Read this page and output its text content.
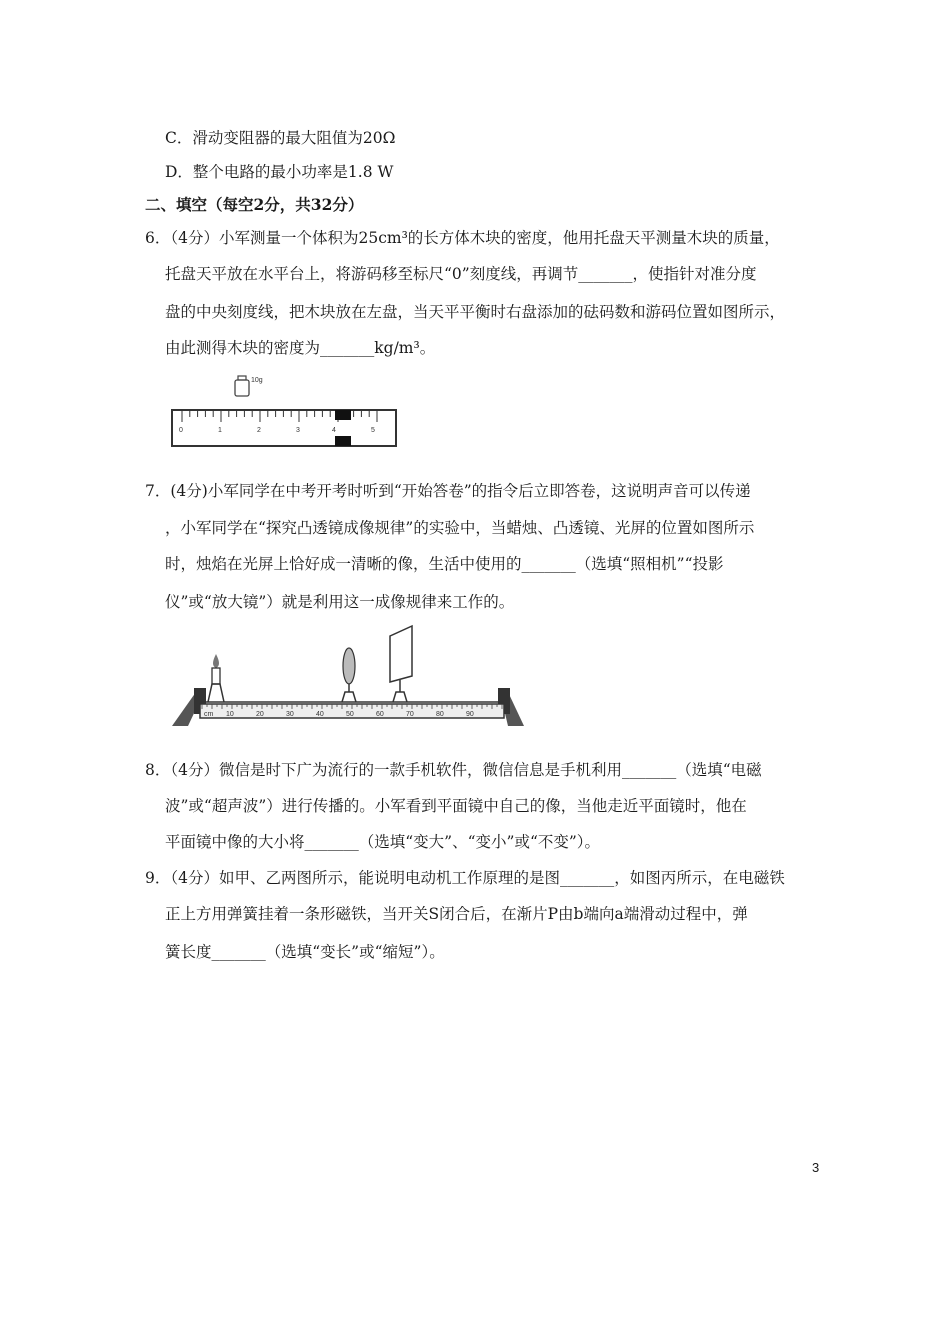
C．滑动变阻器的最大阻值为20Ω
D．整个电路的最小功率是1.8 W
二、填空（每空2分，共32分）
6．（4分）小军测量一个体积为25cm³的长方体木块的密度，他用托盘天平测量木块的质量，
托盘天平放在水平台上，将游码移至标尺“0”刻度线，再调节_______，使指针对准分度
盘的中央刻度线，把木块放在左盘，当天平平衡时右盘添加的砝码数和游码位置如图所示，
由此测得木块的密度为_______kg/m³。
10g
0	1	2	3	4	5
7．(4分)小军同学在中考开考时听到“开始答卷”的指令后立即答卷，这说明声音可以传递
，小军同学在“探究凸透镜成像规律”的实验中，当蜡烛、凸透镜、光屏的位置如图所示
时，烛焰在光屏上恰好成一清晰的像，生活中使用的_______（选填“照相机”“投影
仪”或“放大镜”）就是利用这一成像规律来工作的。
cm 10	20	30	40	50	60	70	80	90
8．（4分）微信是时下广为流行的一款手机软件，微信信息是手机利用_______（选填“电磁
波”或“超声波”）进行传播的。小军看到平面镜中自己的像，当他走近平面镜时，他在
平面镜中像的大小将_______（选填“变大”、“变小”或“不变”）。
9．（4分）如甲、乙两图所示，能说明电动机工作原理的是图_______，如图丙所示，在电磁铁
正上方用弹簧挂着一条形磁铁，当开关S闭合后，在渐片P由b端向a端滑动过程中，弹
簧长度_______（选填“变长”或“缩短”）。
3
